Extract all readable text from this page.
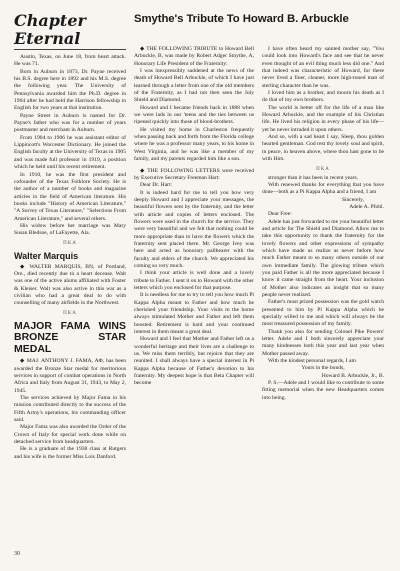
Chapter Eternal

Austin, Texas, on June 18, from heart attack. He was 71.

Born in Auburn in 1873, Dr. Payne received his B.S. degree here in 1892 and his M.S. degree the following year. The University of Pennsylvania awarded him the Ph.D. degree in 1904 after he had held the Harrison fellowship in English for two years at that institution.

Payne Street in Auburn is named for Dr. Payne's father who was for a number of years postmaster and merchant in Auburn.

From 1904 to 1906 he was assistant editor of Lippincott's Worcester Dictionary. He joined the English faculty at the University of Texas in 1905 and was made full professor in 1919, a position which he held until his recent retirement.

In 1910, he was the first president and cofounder of the Texas Folklore Society. He is the author of a number of books and magazine articles in the field of American literature. His books include "History of American Literature," "A Survey of Texas Literature," "Selections From American Literature," and several others.

His widow before her marriage was Mary Susan Bledsoe, of LaFayette, Ala.

ΠΚΑ
Walter Marquis

◆ WALTER MARQUIS, BN, of Portland, Ore., died recently due to a heart decease. Walt was one of the active alums affiliated with Foster & Kleiser. Walt was also active in this war as a civilian who had a great deal to do with counselling of many airfields in the Northwest.

ΠΚΑ
MAJOR FAMA WINS BRONZE STAR MEDAL

◆ MAJ. ANTHONY J. FAMA, AΦ, has been awarded the Bronze Star medal for meritorious services in support of combat operations in North Africa and Italy from August 31, 1943, to May 2, 1945.

The services achieved by Major Fama in his mission contributed directly to the success of the Fifth Army's operations, his commanding officer said.

Major Fama was also awarded the Order of the Crown of Italy for special work done while on detached service from headquarters.

He is a graduate of the 1938 class at Rutgers and his wife is the former Miss Lois Danford.

Smythe's Tribute To Howard B. Arbuckle

◆ THE FOLLOWING TRIBUTE to Howard Bell Arbuckle, B, was made by Robert Adger Smythe, A, Honorary Life President of the Fraternity:

I was inexpressibly saddened at the news of the death of Howard Bell Arbuckle, of which I have just learned through a letter from one of the old members of the Fraternity, as I had not then seen the July Shield and Diamond.

Howard and I became friends back in 1888 when we were lads in our 'teens and the ties between us ripened quickly into those of blood-brothers.

He visited my home in Charleston frequently when passing back and forth from the Florida college where he was a professor many years, to his home in West Virginia, and he was like a member of my family, and my parents regarded him like a son.

◆ THE FOLLOWING LETTERS were received by Executive Secretary Freeman Hart:

Dear Dr. Hart:

It is indeed hard for me to tell you how very deeply Howard and I appreciate your messages, the beautiful flowers sent by the fraternity, and the letter with article and copies of letters enclosed. The flowers were used in the church for the service. They were very beautiful and we felt that nothing could be more appropriate than to have the flowers which the fraternity sent placed there. Mr. George Ivey was here and acted as honorary pallbearer with the faculty and elders of the church. We appreciated his coming so very much.

I think your article is well done and a lovely tribute to Father. I sent it on to Howard with the other letters which you enclosed for that purpose.

It is needless for me to try to tell you how much Pi Kappa Alpha meant to Father and how much he cherished your friendship. Your visits to the home always stimulated Mother and Father and left them boosted. Retirement is hard and your continued interest in them meant a great deal.

Howard and I feel that Mother and Father left us a wonderful heritage and their lives are a challenge to us. We miss them terribly, but rejoice that they are reunited. I shall always have a special interest in Pi Kappa Alpha because of Father's devotion to his fraternity. My deepest hope is that Beta Chapter will become

I have often heard my sainted mother say, "You could look into Howard's face and see that he never even thought of an evil thing much less did one." And that indeed was characteristic of Howard, for there never lived a finer, cleaner, more high-toned man of sterling character than he was.

I loved him as a brother, and mourn his death as I do that of my own brothers.

The world is better off for the life of a man like Howard Arbuckle, and the example of his Christian life. He lived his religion in every phase of his life—yet he never intruded it upon others.

And so, with a sad heart I say, Sleep, thou golden hearted gentleman. God rest thy lovely soul and spirit, in peace, in heaven above, where thou hast gone to be with Him.

ΠΚΑ

stronger than it has been in recent years.

With renewed thanks for everything that you have done—both as a Pi Kappa Alpha and a friend, I am

Sincerely,

Adele A. Pfohl.

Dear Free:

Adele has just forwarded to me your beautiful letter and article for The Shield and Diamond. Allow me to take this opportunity to thank the fraternity for the lovely flowers and other expressions of sympathy which have made us realize as never before how much Father meant to so many others outside of our own immediate family. The glowing tribute which you paid Father is all the more appreciated because I know it came straight from the heart. Your inclusion of Mother also indicates an insight that so many people never realized.

Father's most prized possession was the gold watch presented to him by Pi Kappa Alpha which he specially willed to me and which will always be the most treasured possession of my family.

Thank you also for sending Colonel Pike Powers' letter. Adele and I both sincerely appreciate your many kindnesses both this year and last year when Mother passed away.

With the kindest personal regards, I am

Yours in the bonds,

Howard B. Arbuckle, Jr., B.

P. S.—Adele and I would like to contribute to some fitting memorial when the new Headquarters comes into being.

30
